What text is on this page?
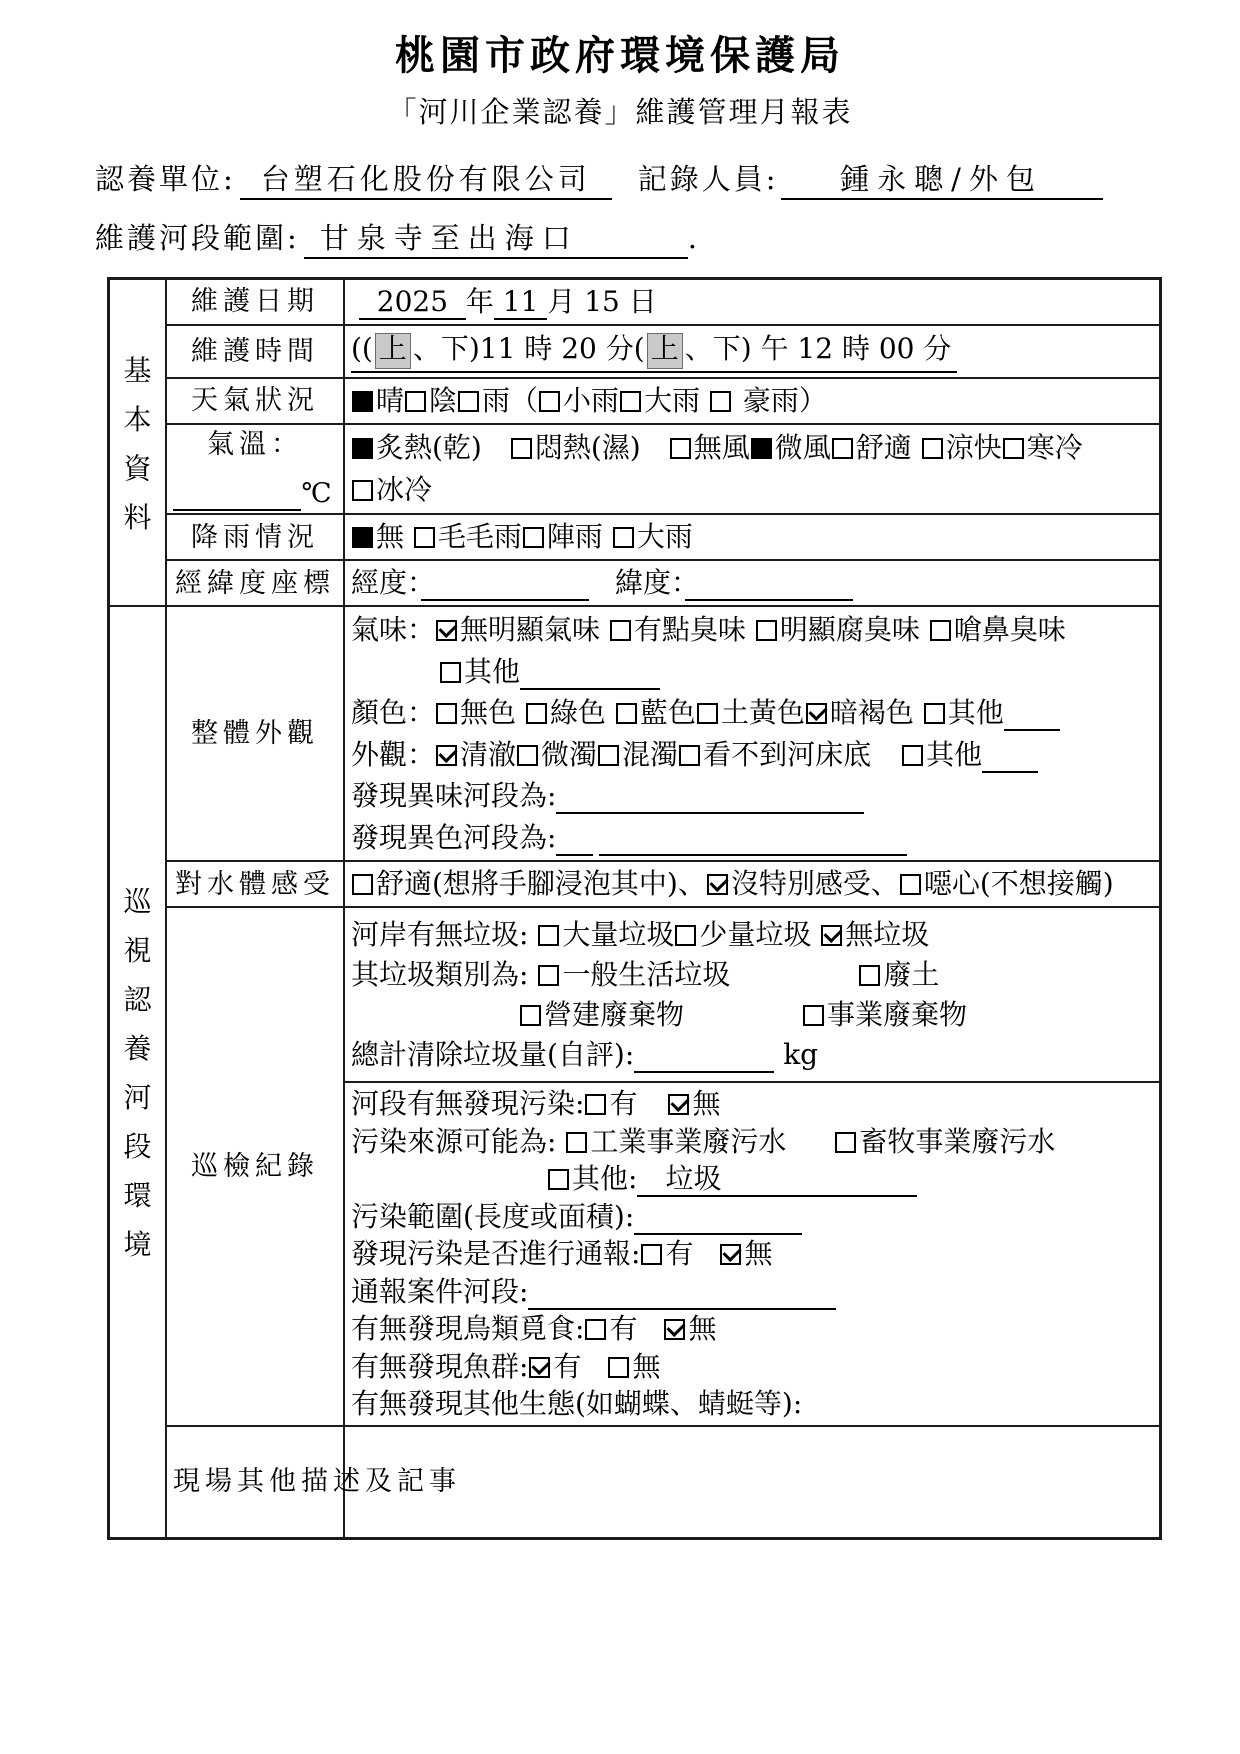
桃園市政府環境保護局
「河川企業認養」維護管理月報表
認養單位: 台塑石化股份有限公司	記錄人員:	鍾永聰/外包
維護河段範圍: 甘泉寺至出海口	.
基
本
資
料
維護日期 2025  年 11 月 15 日
維護時間 (( 上 、下)11 時 20 分( 上 、下) 午 12 時 00 分
天氣狀況	晴 陰 雨（ 小雨 大雨  豪雨）
氣溫：
　　　　℃
炙熱(乾) 悶熱(濕) 無風 微風 舒適 涼快 寒冷
冰冷
降雨情況	無 毛毛雨 陣雨 大雨
經緯度座標 經度：　　　　　　	緯度：　　　　　　
巡
視
認
養
河
段
環
境
整體外觀
氣味： 無明顯氣味 有點臭味 明顯腐臭味 嗆鼻臭味
其他　　　　　
顏色： 無色 綠色 藍色 土黃色 暗褐色 其他　　
外觀： 清澈 微濁 混濁 看不到河床底 其他　　
發現異味河段為:　　　　　　　　　　　
發現異色河段為:　 　　　　　　　　　　　
對水體感受	舒適(想將手腳浸泡其中)、 沒特別感受、 噁心(不想接觸)
巡檢紀錄
河岸有無垃圾: 大量垃圾 少量垃圾 無垃圾
其垃圾類別為: 一般生活垃圾	廢土
營建廢棄物	事業廢棄物
總計清除垃圾量(自評):　　　　　	kg
河段有無發現污染: 有 無
污染來源可能為: 工業事業廢污水	畜牧事業廢污水
其他:　垃圾　　　　　　　
污染範圍(長度或面積):　　　　　　
發現污染是否進行通報: 有 無
通報案件河段:　　　　　　　　　　　
有無發現鳥類覓食: 有 無
有無發現魚群: 有 無
有無發現其他生態(如蝴蝶、蜻蜓等):
現場其他描述及記事
